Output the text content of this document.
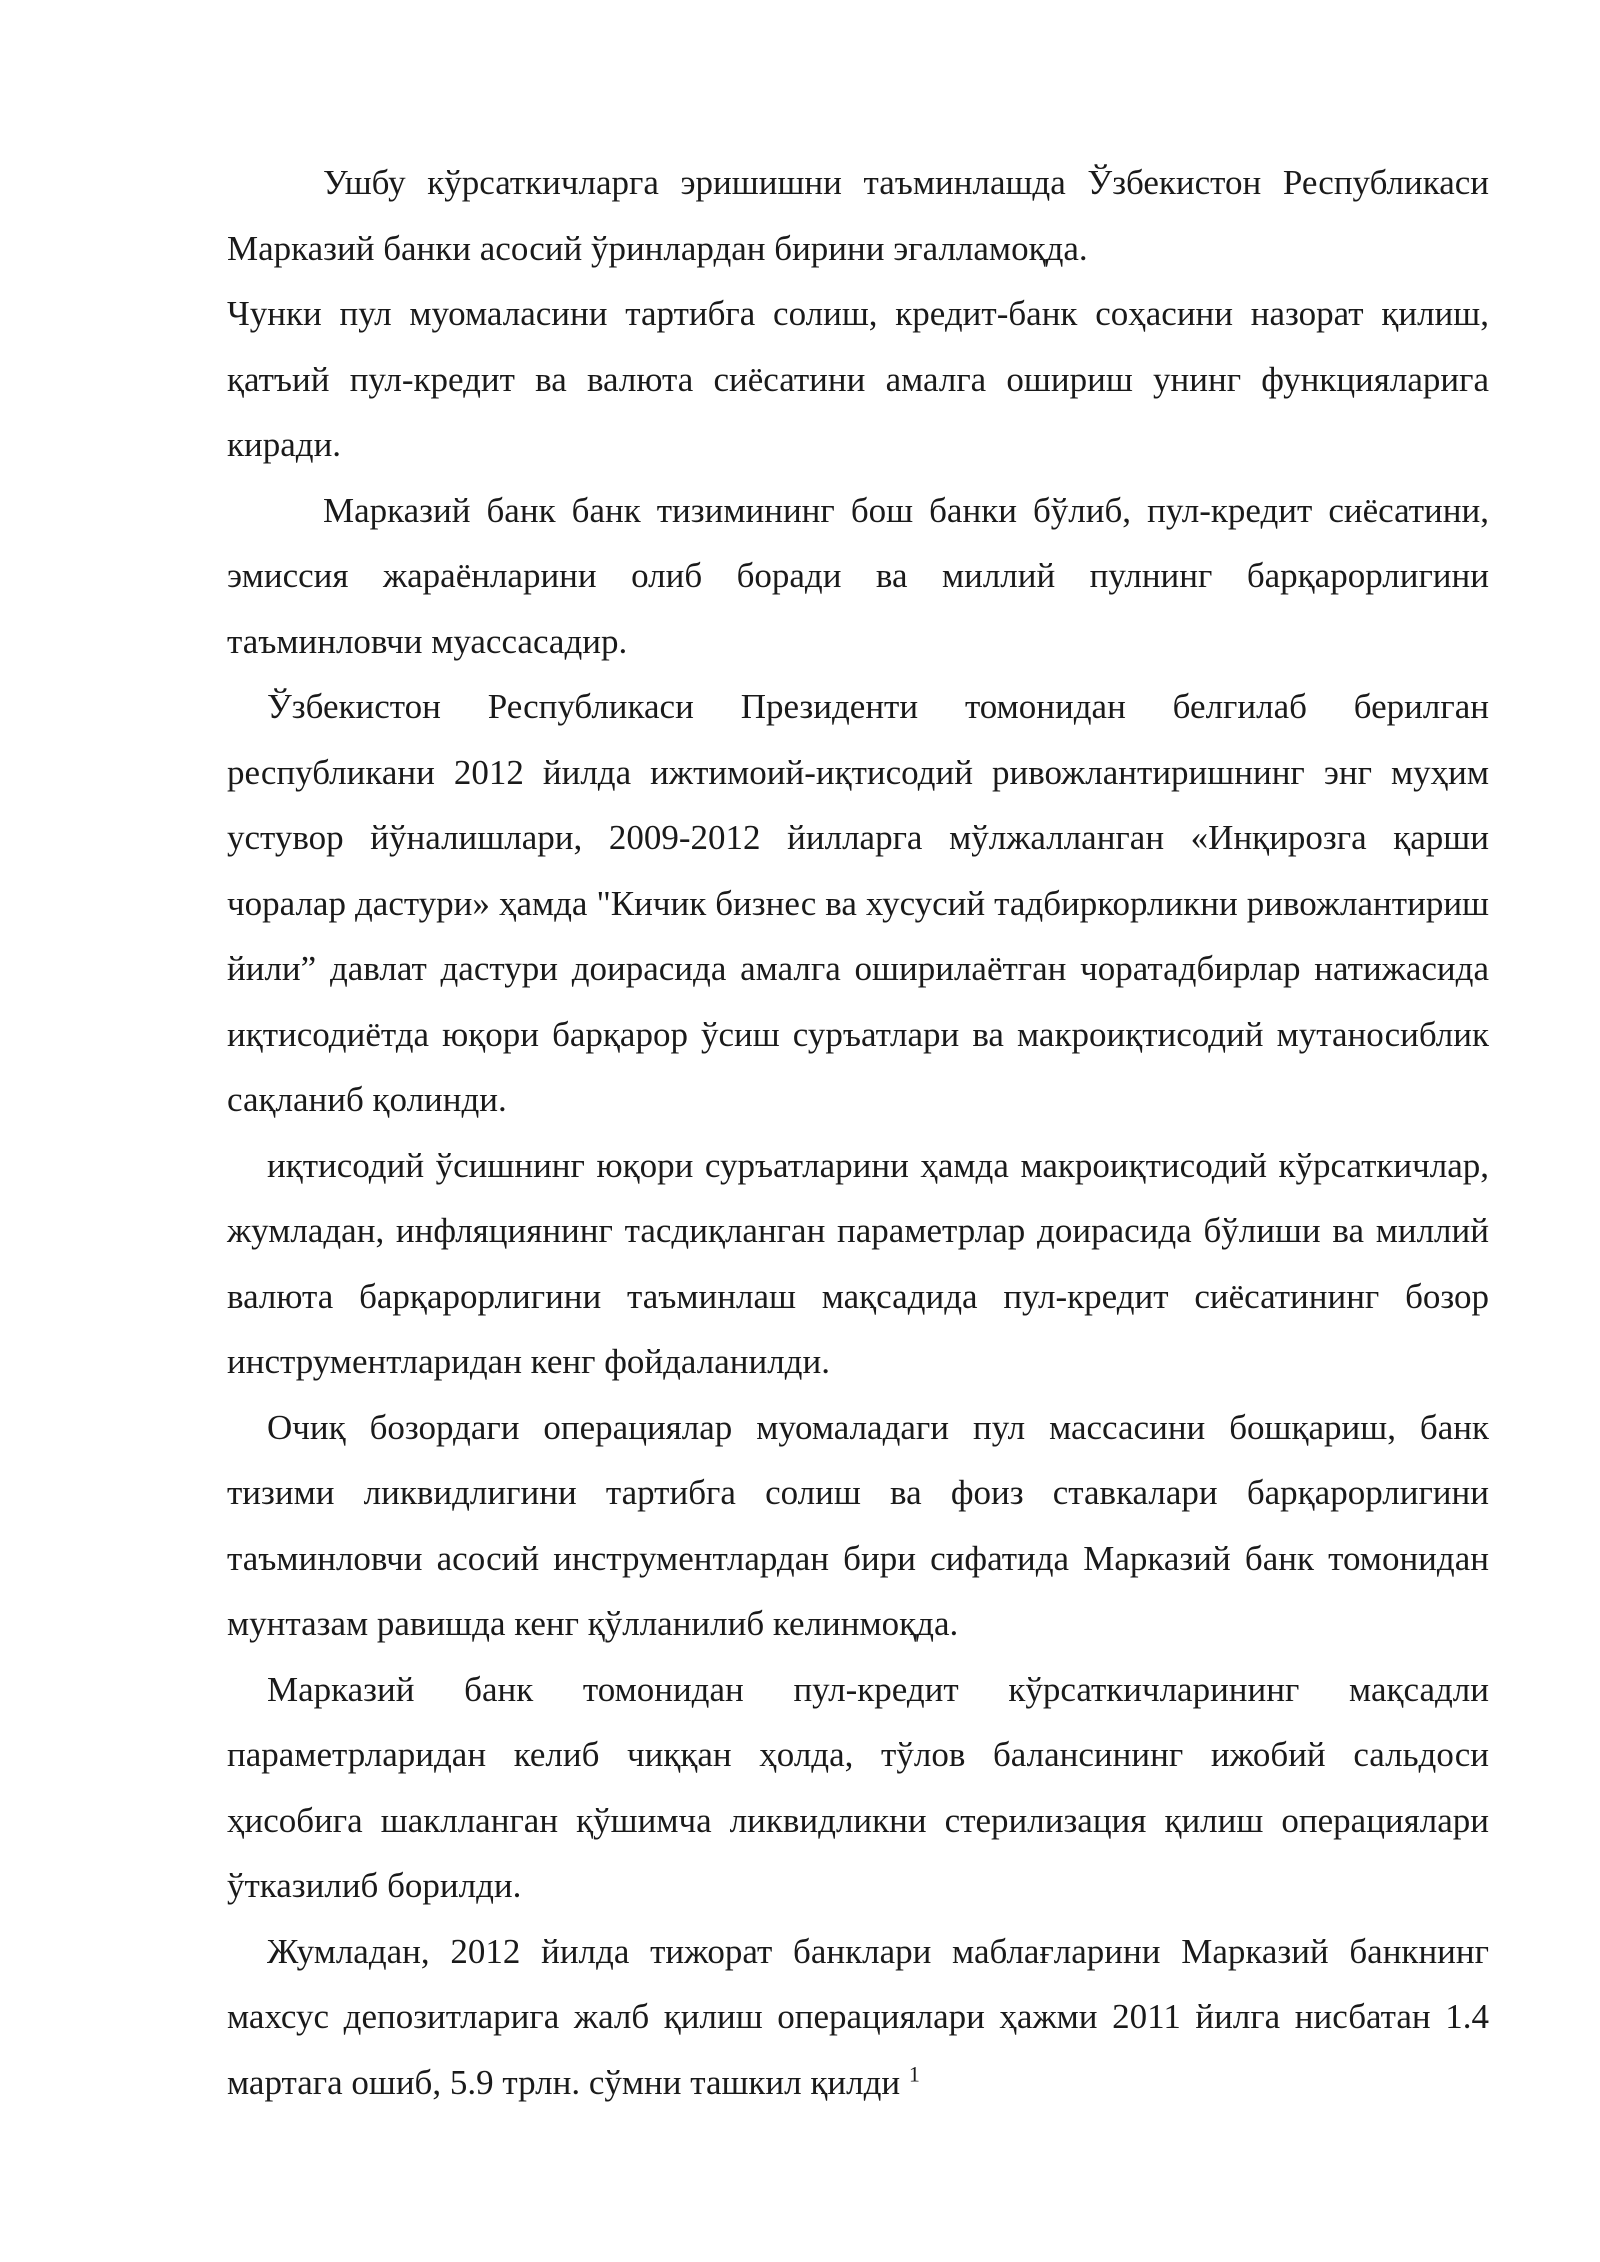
Ушбу кўрсаткичларга эришишни таъминлашда Ўзбекистон Республикаси Марказий банки асосий ўринлардан бирини эгалламоқда.

Чунки пул муомаласини тартибга солиш, кредит-банк соҳасини назорат қилиш, қатъий пул-кредит ва валюта сиёсатини амалга ошириш унинг функцияларига киради.

Марказий банк банк тизимининг бош банки бўлиб, пул-кредит сиёсатини, эмиссия жараёнларини олиб боради ва миллий пулнинг барқарорлигини таъминловчи муассасадир.

Ўзбекистон Республикаси Президенти томонидан белгилаб берилган республикани 2012 йилда ижтимоий-иқтисодий ривожлантиришнинг энг муҳим устувор йўналишлари, 2009-2012 йилларга мўлжалланган «Инқирозга қарши чоралар дастури» ҳамда "Кичик бизнес ва хусусий тадбиркорликни ривожлантириш йили” давлат дастури доирасида амалга оширилаётган чоратадбирлар натижасида иқтисодиётда юқори барқарор ўсиш суръатлари ва макроиқтисодий мутаносиблик сақланиб қолинди.

иқтисодий ўсишнинг юқори суръатларини ҳамда макроиқтисодий кўрсаткичлар, жумладан, инфляциянинг тасдиқланган параметрлар доирасида бўлиши ва миллий валюта барқарорлигини таъминлаш мақсадида пул-кредит сиёсатининг бозор инструментларидан кенг фойдаланилди.

Очиқ бозордаги операциялар муомаладаги пул массасини бошқариш, банк тизими ликвидлигини тартибга солиш ва фоиз ставкалари барқарорлигини таъминловчи асосий инструментлардан бири сифатида Марказий банк томонидан мунтазам равишда кенг қўлланилиб келинмоқда.

Марказий банк томонидан пул-кредит кўрсаткичларининг мақсадли параметрларидан келиб чиққан ҳолда, тўлов балансининг ижобий сальдоси ҳисобига шаклланган қўшимча ликвидликни стерилизация қилиш операциялари ўтказилиб борилди.

Жумладан, 2012 йилда тижорат банклари маблағларини Марказий банкнинг махсус депозитларига жалб қилиш операциялари ҳажми 2011 йилга нисбатан 1.4 мартага ошиб, 5.9 трлн. сўмни ташкил қилди $^1$
